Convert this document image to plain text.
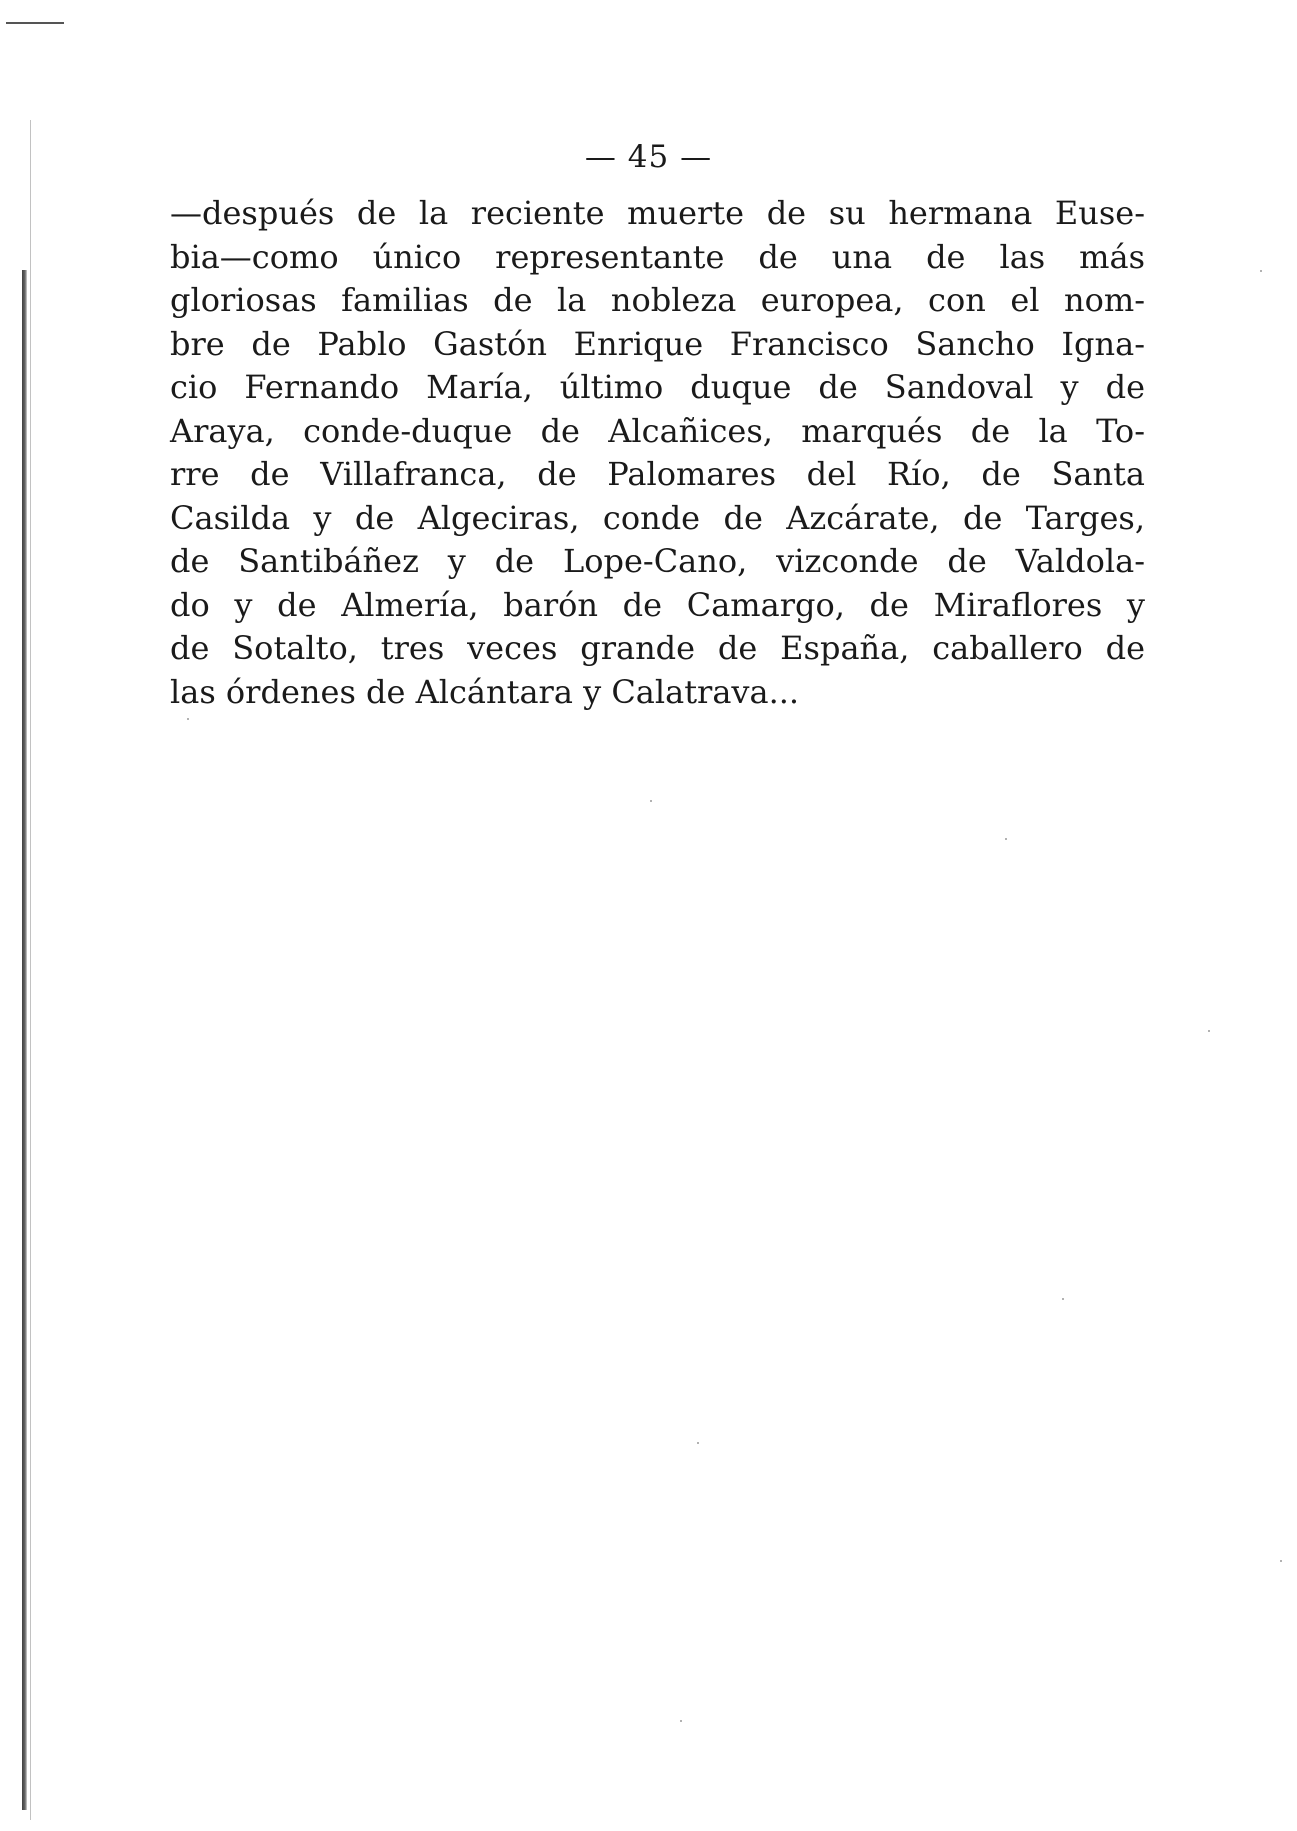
— 45 —
—después de la reciente muerte de su hermana Euse-
bia—como único representante de una de las más
gloriosas familias de la nobleza europea, con el nom-
bre de Pablo Gastón Enrique Francisco Sancho Igna-
cio Fernando María, último duque de Sandoval y de
Araya, conde-duque de Alcañices, marqués de la To-
rre de Villafranca, de Palomares del Río, de Santa
Casilda y de Algeciras, conde de Azcárate, de Targes,
de Santibáñez y de Lope-Cano, vizconde de Valdola-
do y de Almería, barón de Camargo, de Miraflores y
de Sotalto, tres veces grande de España, caballero de
las órdenes de Alcántara y Calatrava...
